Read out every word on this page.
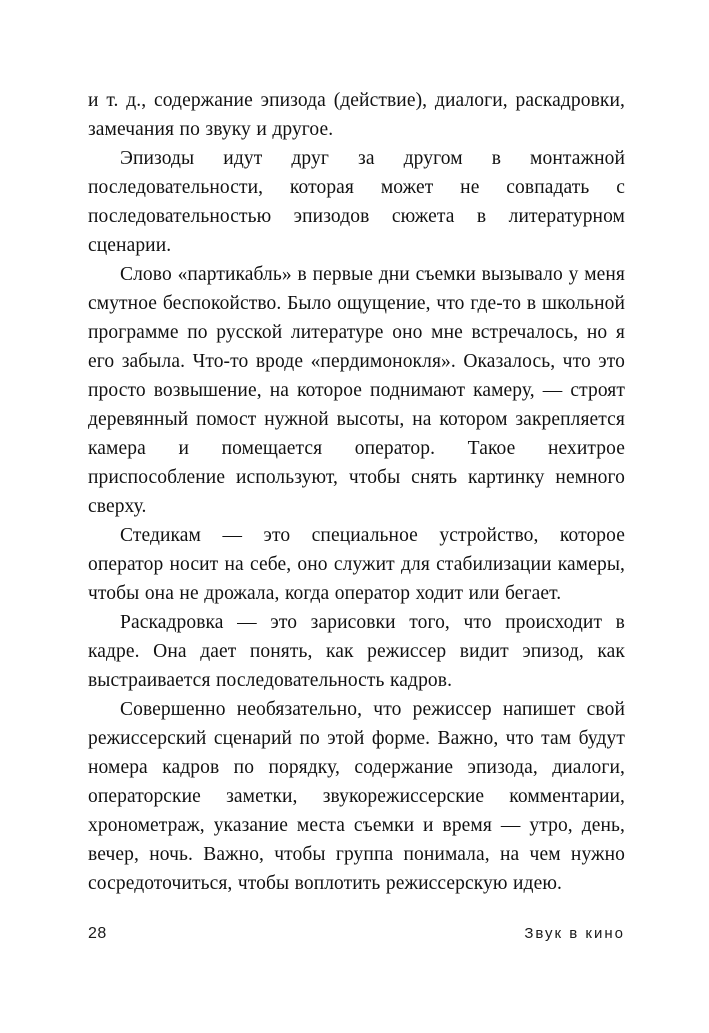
и т. д., содержание эпизода (действие), диалоги, раскадровки, замечания по звуку и другое.

Эпизоды идут друг за другом в монтажной последовательности, которая может не совпадать с последовательностью эпизодов сюжета в литературном сценарии.

Слово «партикабль» в первые дни съемки вызывало у меня смутное беспокойство. Было ощущение, что где-то в школьной программе по русской литературе оно мне встречалось, но я его забыла. Что-то вроде «пердимонокля». Оказалось, что это просто возвышение, на которое поднимают камеру, — строят деревянный помост нужной высоты, на котором закрепляется камера и помещается оператор. Такое нехитрое приспособление используют, чтобы снять картинку немного сверху.

Стедикам — это специальное устройство, которое оператор носит на себе, оно служит для стабилизации камеры, чтобы она не дрожала, когда оператор ходит или бегает.

Раскадровка — это зарисовки того, что происходит в кадре. Она дает понять, как режиссер видит эпизод, как выстраивается последовательность кадров.

Совершенно необязательно, что режиссер напишет свой режиссерский сценарий по этой форме. Важно, что там будут номера кадров по порядку, содержание эпизода, диалоги, операторские заметки, звукорежиссерские комментарии, хронометраж, указание места съемки и время — утро, день, вечер, ночь. Важно, чтобы группа понимала, на чем нужно сосредоточиться, чтобы воплотить режиссерскую идею.

28	Звук в кино
